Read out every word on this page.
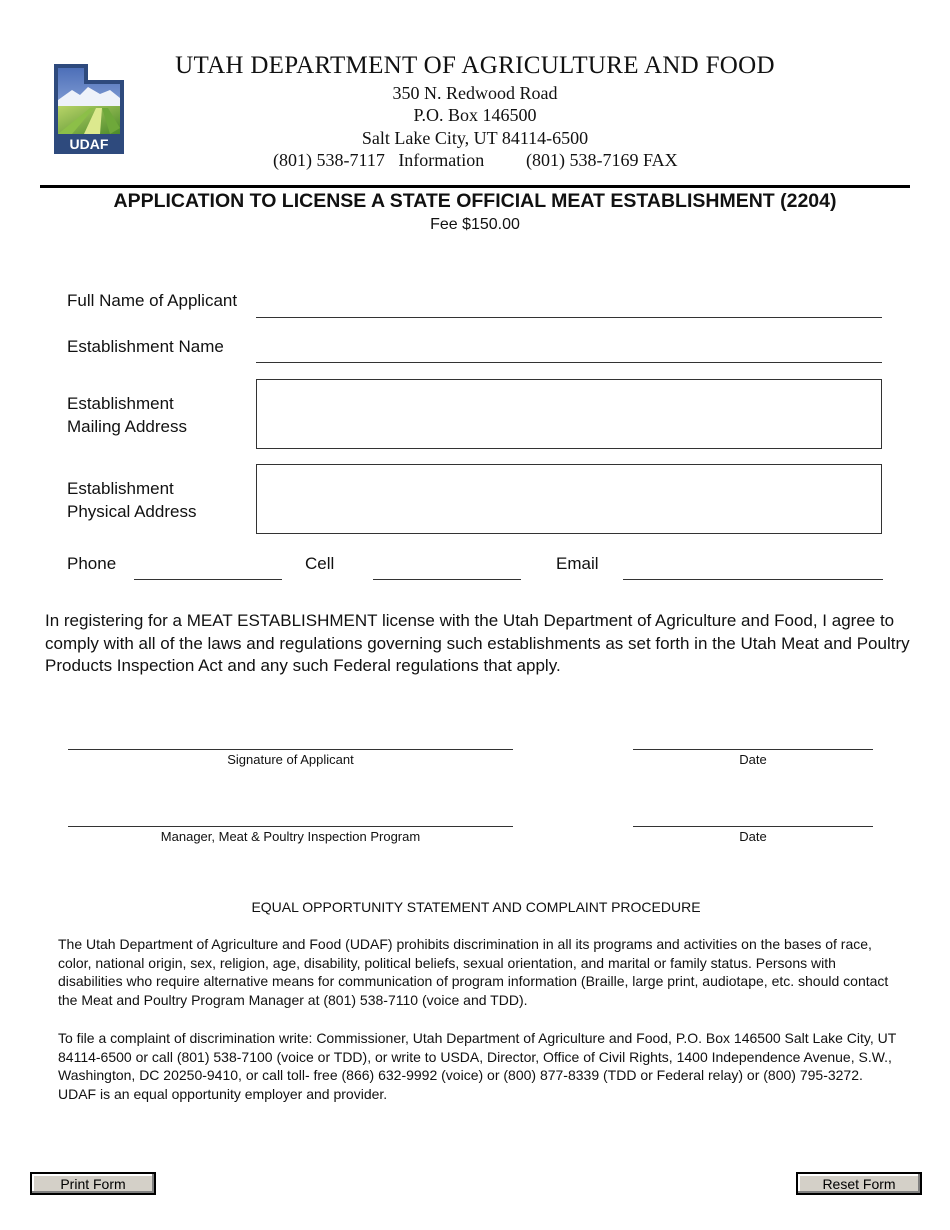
UDAF
UTAH DEPARTMENT OF AGRICULTURE AND FOOD
350 N. Redwood Road
P.O. Box 146500
Salt Lake City, UT 84114-6500
(801) 538-7117   Information (801) 538-7169 FAX
APPLICATION TO LICENSE A STATE OFFICIAL MEAT ESTABLISHMENT (2204)
Fee $150.00
Full Name of Applicant
Establishment Name
Establishment
Mailing Address
Establishment
Physical Address
Phone	Cell	Email
In registering for a MEAT ESTABLISHMENT license with the Utah Department of Agriculture and Food, I agree to comply with all of the laws and regulations governing such establishments as set forth in the Utah Meat and Poultry Products Inspection Act and any such Federal regulations that apply.
Signature of Applicant	Date
Manager, Meat & Poultry Inspection Program	Date
EQUAL OPPORTUNITY STATEMENT AND COMPLAINT PROCEDURE
The Utah Department of Agriculture and Food (UDAF) prohibits discrimination in all its programs and activities on the bases of race, color, national origin, sex, religion, age, disability, political beliefs, sexual orientation, and marital or family status. Persons with disabilities who require alternative means for communication of program information (Braille, large print, audiotape, etc. should contact the Meat and Poultry Program Manager at (801) 538-7110 (voice and TDD).
To file a complaint of discrimination write: Commissioner, Utah Department of Agriculture and Food, P.O. Box 146500 Salt Lake City, UT 84114-6500 or call (801) 538-7100 (voice or TDD), or write to USDA, Director, Office of Civil Rights, 1400 Independence Avenue, S.W., Washington, DC 20250-9410, or call toll- free (866) 632-9992 (voice) or (800) 877-8339 (TDD or Federal relay) or (800) 795-3272. UDAF is an equal opportunity employer and provider.
Print Form	Reset Form
